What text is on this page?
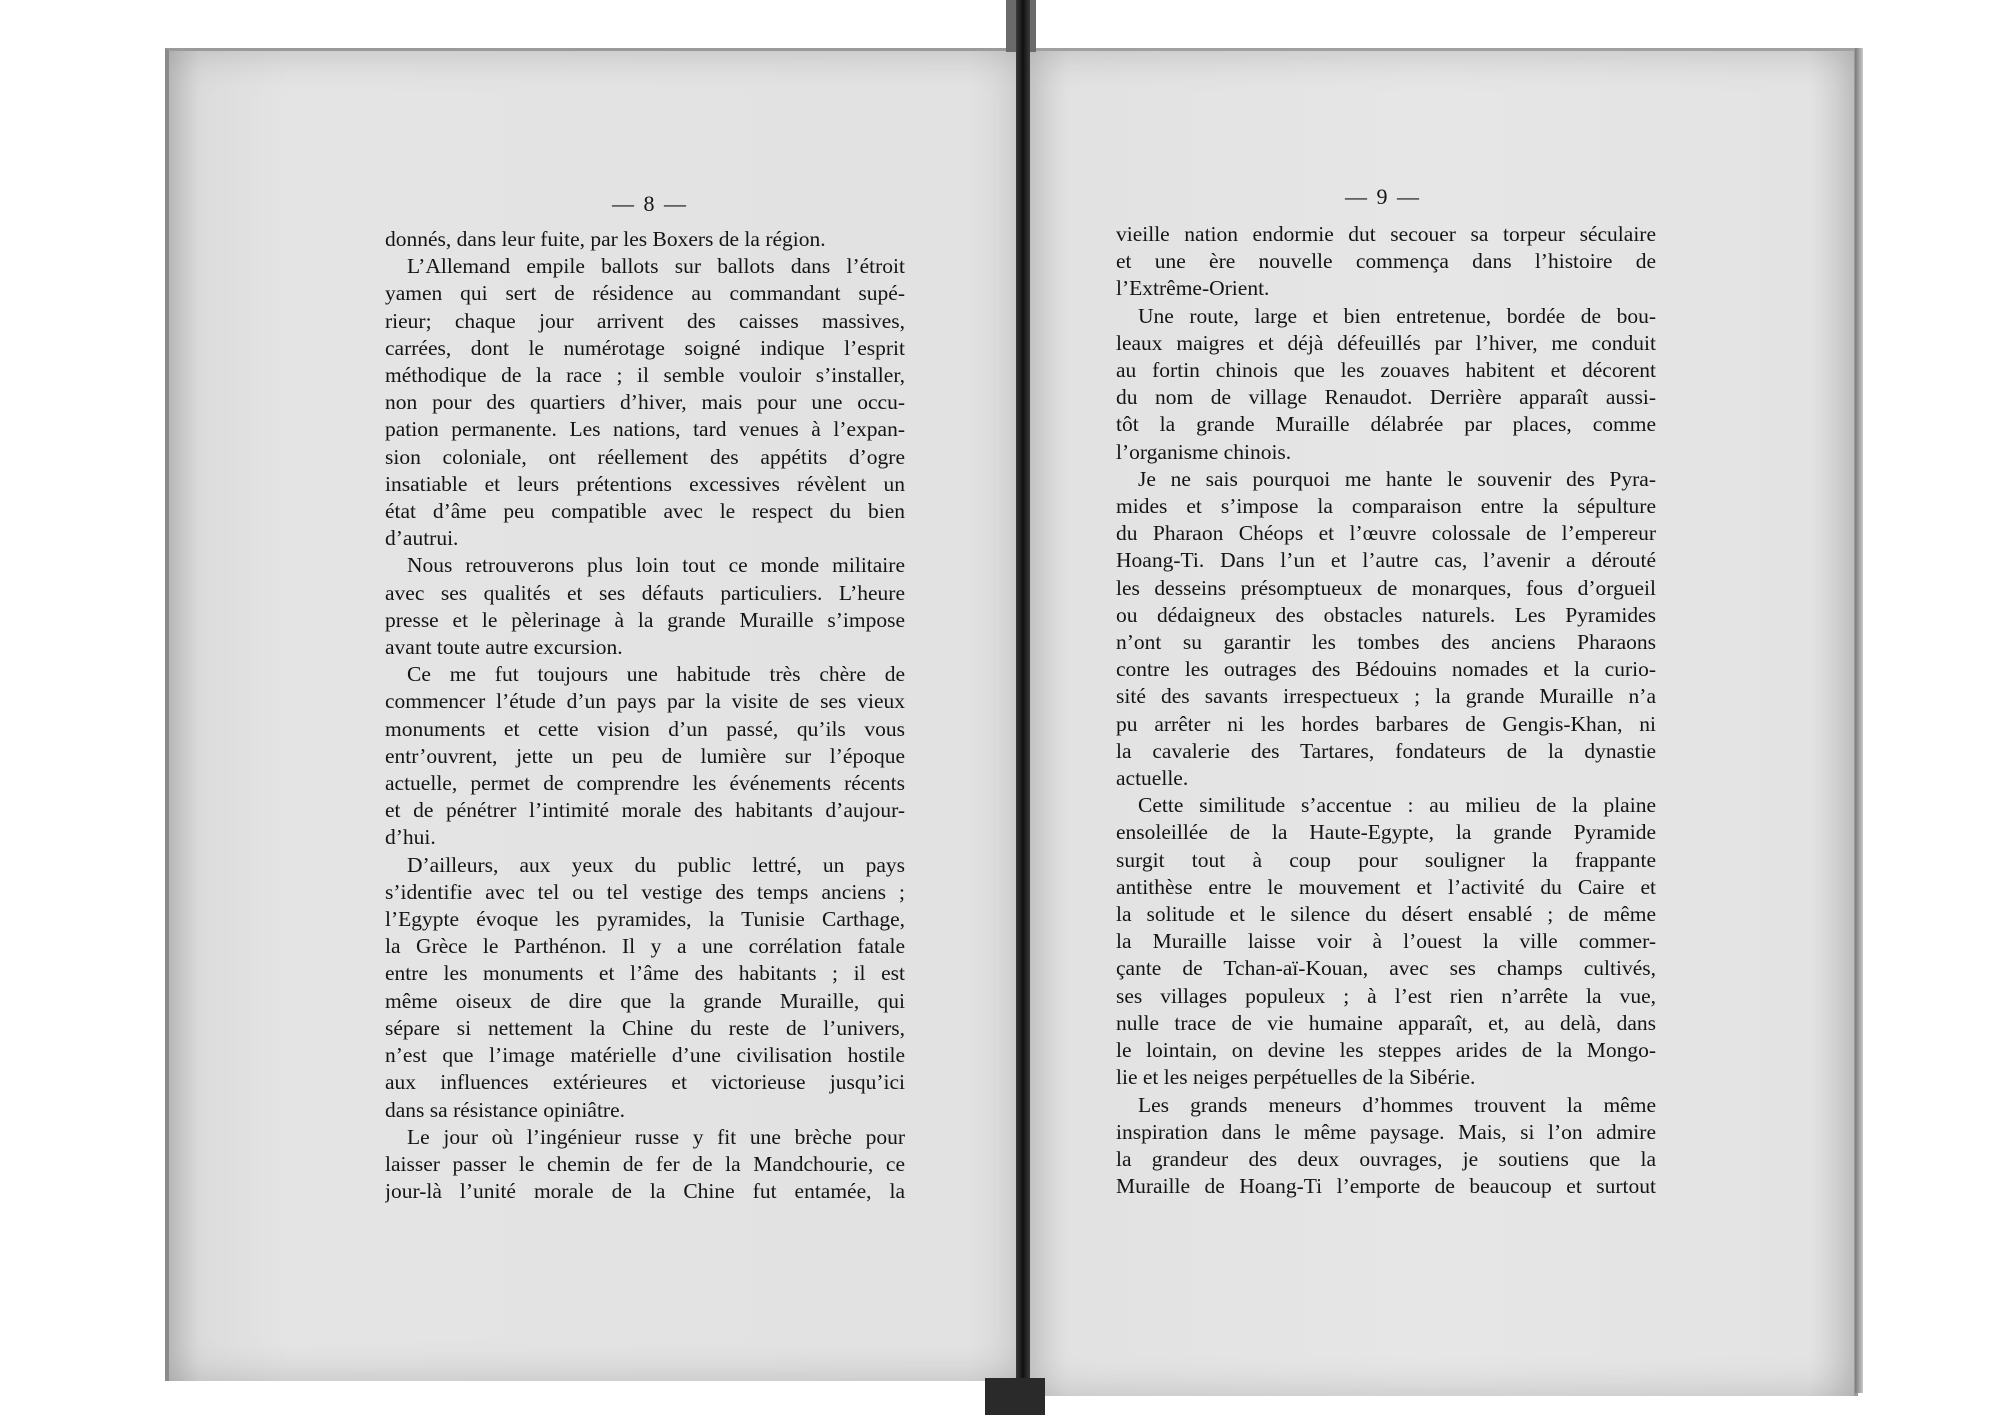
— 8 —	— 9 —
donnés, dans leur fuite, par les Boxers de la région.
L’Allemand empile ballots sur ballots dans l’étroit
yamen qui sert de résidence au commandant supé-
rieur; chaque jour arrivent des caisses massives,
carrées, dont le numérotage soigné indique l’esprit
méthodique de la race ; il semble vouloir s’installer,
non pour des quartiers d’hiver, mais pour une occu-
pation permanente. Les nations, tard venues à l’expan-
sion coloniale, ont réellement des appétits d’ogre
insatiable et leurs prétentions excessives révèlent un
état d’âme peu compatible avec le respect du bien
d’autrui.
Nous retrouverons plus loin tout ce monde militaire
avec ses qualités et ses défauts particuliers. L’heure
presse et le pèlerinage à la grande Muraille s’impose
avant toute autre excursion.
Ce me fut toujours une habitude très chère de
commencer l’étude d’un pays par la visite de ses vieux
monuments et cette vision d’un passé, qu’ils vous
entr’ouvrent, jette un peu de lumière sur l’époque
actuelle, permet de comprendre les événements récents
et de pénétrer l’intimité morale des habitants d’aujour-
d’hui.
D’ailleurs, aux yeux du public lettré, un pays
s’identifie avec tel ou tel vestige des temps anciens ;
l’Egypte évoque les pyramides, la Tunisie Carthage,
la Grèce le Parthénon. Il y a une corrélation fatale
entre les monuments et l’âme des habitants ; il est
même oiseux de dire que la grande Muraille, qui
sépare si nettement la Chine du reste de l’univers,
n’est que l’image matérielle d’une civilisation hostile
aux influences extérieures et victorieuse jusqu’ici
dans sa résistance opiniâtre.
Le jour où l’ingénieur russe y fit une brèche pour
laisser passer le chemin de fer de la Mandchourie, ce
jour-là l’unité morale de la Chine fut entamée, la
vieille nation endormie dut secouer sa torpeur séculaire
et une ère nouvelle commença dans l’histoire de
l’Extrême-Orient.
Une route, large et bien entretenue, bordée de bou-
leaux maigres et déjà défeuillés par l’hiver, me conduit
au fortin chinois que les zouaves habitent et décorent
du nom de village Renaudot. Derrière apparaît aussi-
tôt la grande Muraille délabrée par places, comme
l’organisme chinois.
Je ne sais pourquoi me hante le souvenir des Pyra-
mides et s’impose la comparaison entre la sépulture
du Pharaon Chéops et l’œuvre colossale de l’empereur
Hoang-Ti. Dans l’un et l’autre cas, l’avenir a dérouté
les desseins présomptueux de monarques, fous d’orgueil
ou dédaigneux des obstacles naturels. Les Pyramides
n’ont su garantir les tombes des anciens Pharaons
contre les outrages des Bédouins nomades et la curio-
sité des savants irrespectueux ; la grande Muraille n’a
pu arrêter ni les hordes barbares de Gengis-Khan, ni
la cavalerie des Tartares, fondateurs de la dynastie
actuelle.
Cette similitude s’accentue : au milieu de la plaine
ensoleillée de la Haute-Egypte, la grande Pyramide
surgit tout à coup pour souligner la frappante
antithèse entre le mouvement et l’activité du Caire et
la solitude et le silence du désert ensablé ; de même
la Muraille laisse voir à l’ouest la ville commer-
çante de Tchan-aï-Kouan, avec ses champs cultivés,
ses villages populeux ; à l’est rien n’arrête la vue,
nulle trace de vie humaine apparaît, et, au delà, dans
le lointain, on devine les steppes arides de la Mongo-
lie et les neiges perpétuelles de la Sibérie.
Les grands meneurs d’hommes trouvent la même
inspiration dans le même paysage. Mais, si l’on admire
la grandeur des deux ouvrages, je soutiens que la
Muraille de Hoang-Ti l’emporte de beaucoup et surtout
